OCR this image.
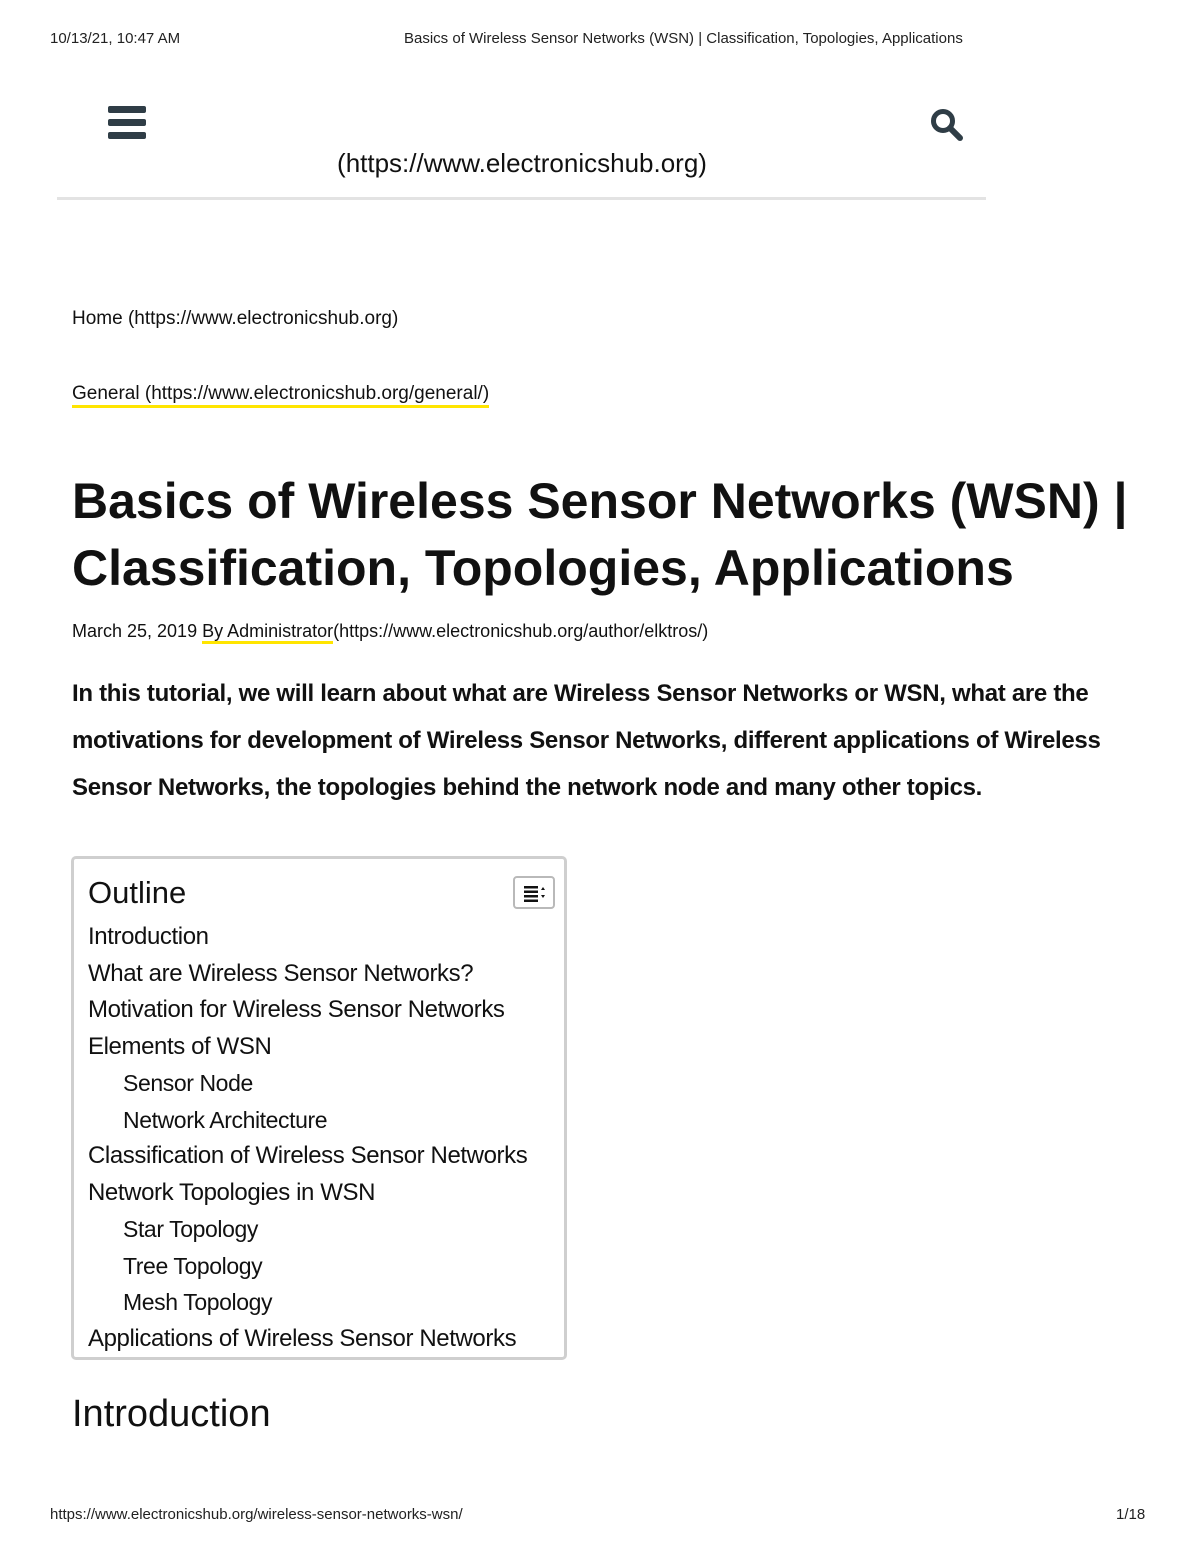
10/13/21, 10:47 AM	Basics of Wireless Sensor Networks (WSN) | Classification, Topologies, Applications
(https://www.electronicshub.org)
Home (https://www.electronicshub.org)
General (https://www.electronicshub.org/general/)
Basics of Wireless Sensor Networks (WSN) | Classification, Topologies, Applications
March 25, 2019 By Administrator(https://www.electronicshub.org/author/elktros/)

In this tutorial, we will learn about what are Wireless Sensor Networks or WSN, what are the motivations for development of Wireless Sensor Networks, different applications of Wireless Sensor Networks, the topologies behind the network node and many other topics.

Outline
Introduction
What are Wireless Sensor Networks?
Motivation for Wireless Sensor Networks
Elements of WSN
Sensor Node
Network Architecture
Classification of Wireless Sensor Networks
Network Topologies in WSN
Star Topology
Tree Topology
Mesh Topology
Applications of Wireless Sensor Networks
Introduction
https://www.electronicshub.org/wireless-sensor-networks-wsn/	1/18
